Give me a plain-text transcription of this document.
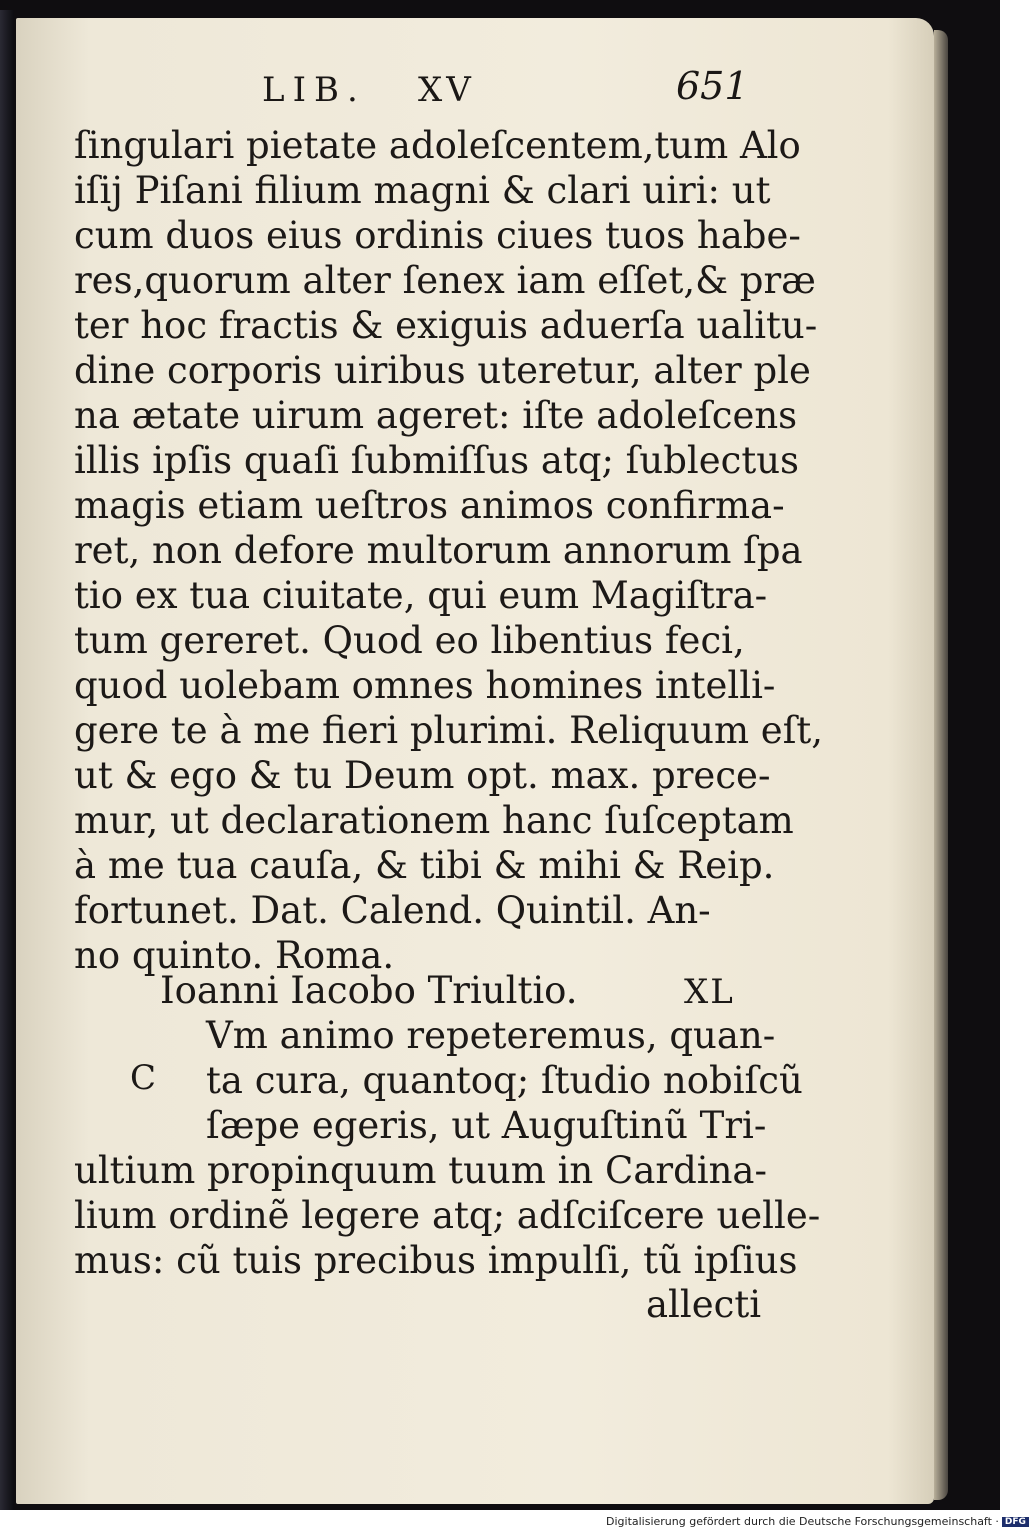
LIB. XV	651
ſingulari pietate adoleſcentem,tum Alo
iſij Piſani filium magni & clari uiri: ut
cum duos eius ordinis ciues tuos habe-
res,quorum alter ſenex iam eſſet,& præ
ter hoc fractis & exiguis aduerſa ualitu-
dine corporis uiribus uteretur, alter ple
na ætate uirum ageret: iſte adoleſcens
illis ipſis quaſi ſubmiſſus atq; ſublectus
magis etiam ueſtros animos confirma-
ret, non defore multorum annorum ſpa
tio ex tua ciuitate, qui eum Magiſtra-
tum gereret. Quod eo libentius feci,
quod uolebam omnes homines intelli-
gere te à me fieri plurimi. Reliquum eſt,
ut & ego & tu Deum opt. max. prece-
mur, ut declarationem hanc ſuſceptam
à me tua cauſa, & tibi & mihi & Reip.
fortunet. Dat. Calend. Quintil. An-
no quinto. Roma.
Ioanni Iacobo Triultio.	XL
C
Vm animo repeteremus, quan-
ta cura, quantoq; ſtudio nobiſcũ
ſæpe egeris, ut Auguſtinũ Tri-
ultium propinquum tuum in Cardina-
lium ordinẽ legere atq; adſciſcere uelle-
mus: cũ tuis precibus impulſi, tũ ipſius
allecti
Digitalisierung gefördert durch die Deutsche Forschungsgemeinschaft · DFG
